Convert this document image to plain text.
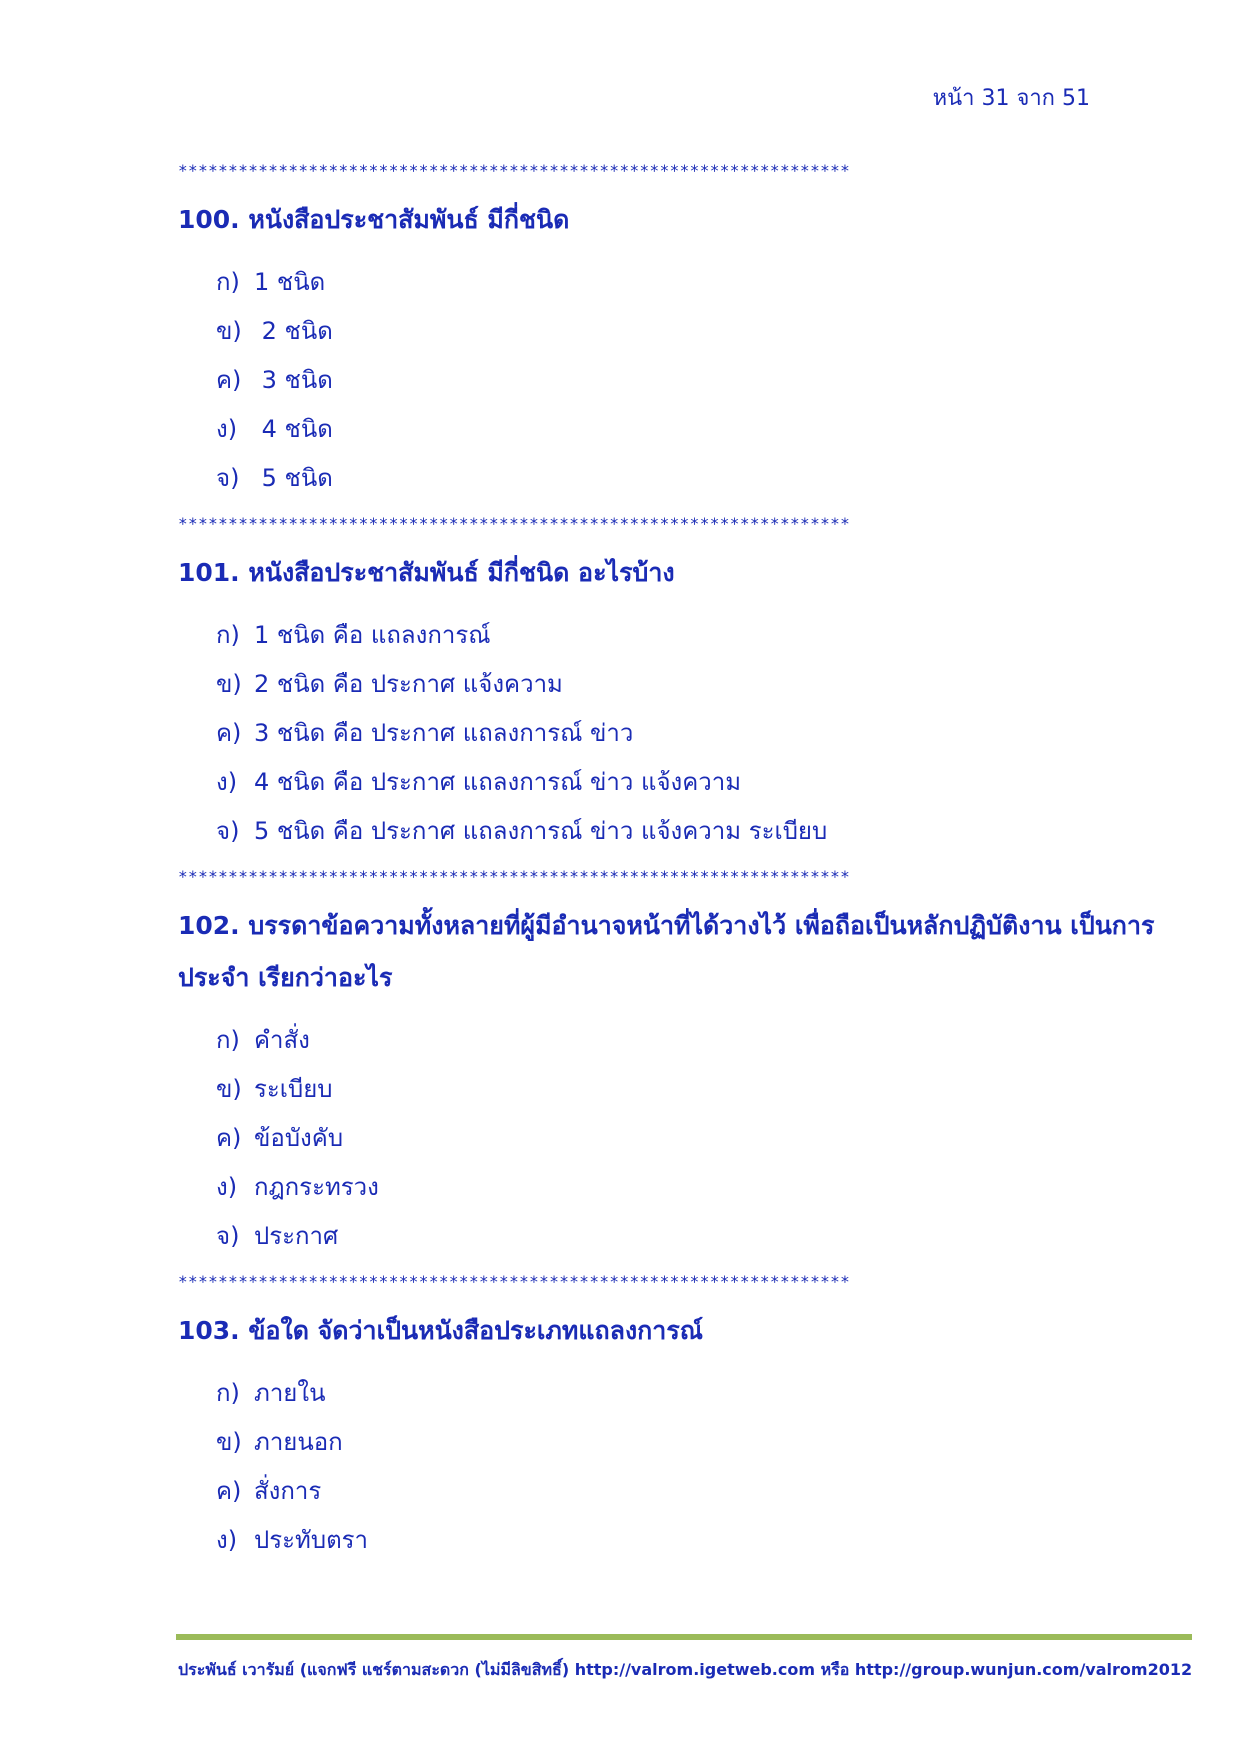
หน้า 31 จาก 51
*******************************************************************
100. หนังสือประชาสัมพันธ์ มีกี่ชนิด
ก) 1 ชนิด
ข) 2 ชนิด
ค) 3 ชนิด
ง) 4 ชนิด
จ) 5 ชนิด
*******************************************************************
101. หนังสือประชาสัมพันธ์ มีกี่ชนิด อะไรบ้าง
ก) 1 ชนิด คือ แถลงการณ์
ข) 2 ชนิด คือ ประกาศ แจ้งความ
ค) 3 ชนิด คือ ประกาศ แถลงการณ์ ข่าว
ง) 4 ชนิด คือ ประกาศ แถลงการณ์ ข่าว แจ้งความ
จ) 5 ชนิด คือ ประกาศ แถลงการณ์ ข่าว แจ้งความ ระเบียบ
*******************************************************************
102. บรรดาข้อความทั้งหลายที่ผู้มีอำนาจหน้าที่ได้วางไว้ เพื่อถือเป็นหลักปฏิบัติงาน เป็นการประจำ เรียกว่าอะไร
ก) คำสั่ง
ข) ระเบียบ
ค) ข้อบังคับ
ง) กฎกระทรวง
จ) ประกาศ
*******************************************************************
103. ข้อใด จัดว่าเป็นหนังสือประเภทแถลงการณ์
ก) ภายใน
ข) ภายนอก
ค) สั่งการ
ง) ประทับตรา
ประพันธ์ เวารัมย์ (แจกฟรี แชร์ตามสะดวก (ไม่มีลิขสิทธิ์) http://valrom.igetweb.com หรือ http://group.wunjun.com/valrom2012
